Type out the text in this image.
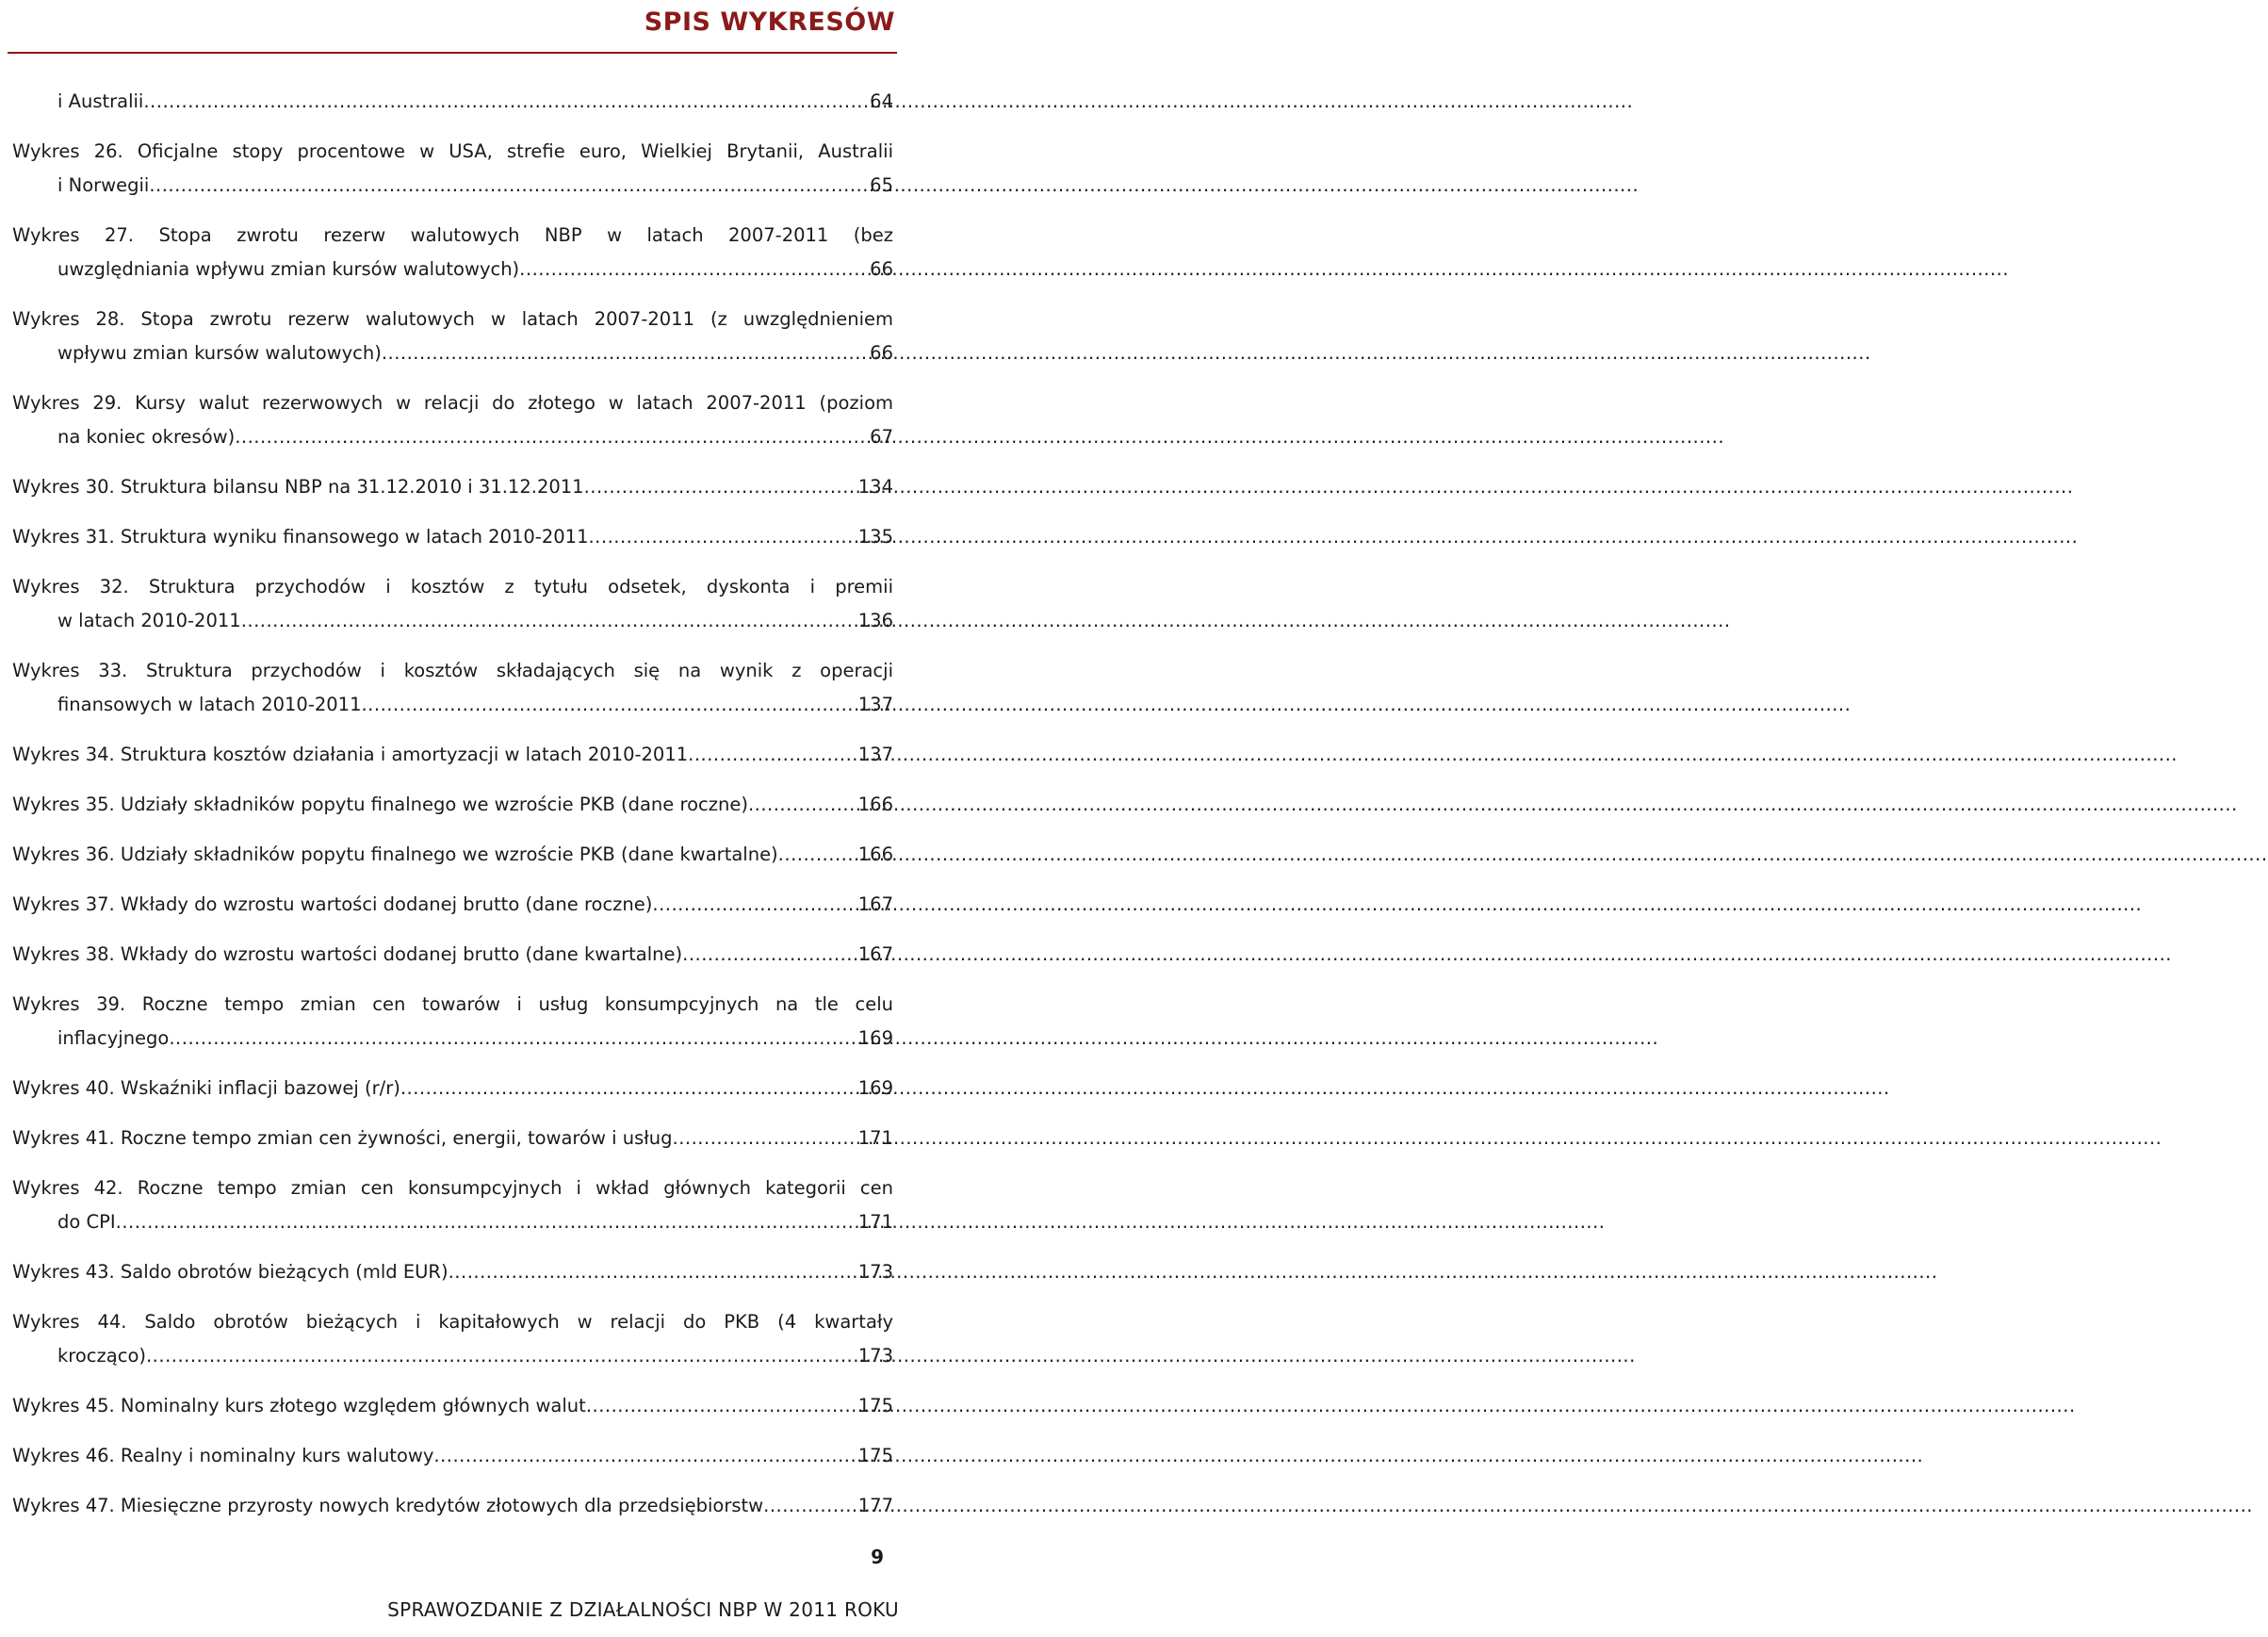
SPIS WYKRESÓW
i Australii .....	64
Wykres 26. Oficjalne stopy procentowe w USA, strefie euro, Wielkiej Brytanii, Australii
i Norwegii .....	65
Wykres 27. Stopa zwrotu rezerw walutowych NBP w latach 2007-2011 (bez
uwzględniania wpływu zmian kursów walutowych) .....	66
Wykres 28. Stopa zwrotu rezerw walutowych w latach 2007-2011 (z uwzględnieniem
wpływu zmian kursów walutowych) .....	66
Wykres 29. Kursy walut rezerwowych w relacji do złotego w latach 2007-2011 (poziom
na koniec okresów) .....	67
Wykres 30. Struktura bilansu NBP na 31.12.2010 i 31.12.2011 .....	134
Wykres 31. Struktura wyniku finansowego w latach 2010-2011 .....	135
Wykres 32. Struktura przychodów i kosztów z tytułu odsetek, dyskonta i premii
w latach 2010-2011 .....	136
Wykres 33. Struktura przychodów i kosztów składających się na wynik z operacji
finansowych w latach 2010-2011 .....	137
Wykres 34. Struktura kosztów działania i amortyzacji w latach 2010-2011 .....	137
Wykres 35. Udziały składników popytu finalnego we wzroście PKB (dane roczne) .....	166
Wykres 36. Udziały składników popytu finalnego we wzroście PKB (dane kwartalne) .....	166
Wykres 37. Wkłady do wzrostu wartości dodanej brutto (dane roczne) .....	167
Wykres 38. Wkłady do wzrostu wartości dodanej brutto (dane kwartalne) .....	167
Wykres 39. Roczne tempo zmian cen towarów i usług konsumpcyjnych na tle celu
inflacyjnego .....	169
Wykres 40. Wskaźniki inflacji bazowej (r/r) .....	169
Wykres 41. Roczne tempo zmian cen żywności, energii, towarów i usług .....	171
Wykres 42. Roczne tempo zmian cen konsumpcyjnych i wkład głównych kategorii cen
do CPI .....	171
Wykres 43. Saldo obrotów bieżących (mld EUR) .....	173
Wykres 44. Saldo obrotów bieżących i kapitałowych w relacji do PKB (4 kwartały
krocząco) .....	173
Wykres 45. Nominalny kurs złotego względem głównych walut .....	175
Wykres 46. Realny i nominalny kurs walutowy .....	175
Wykres 47. Miesięczne przyrosty nowych kredytów złotowych dla przedsiębiorstw .....	177
9
SPRAWOZDANIE Z DZIAŁALNOŚCI NBP W 2011 ROKU
